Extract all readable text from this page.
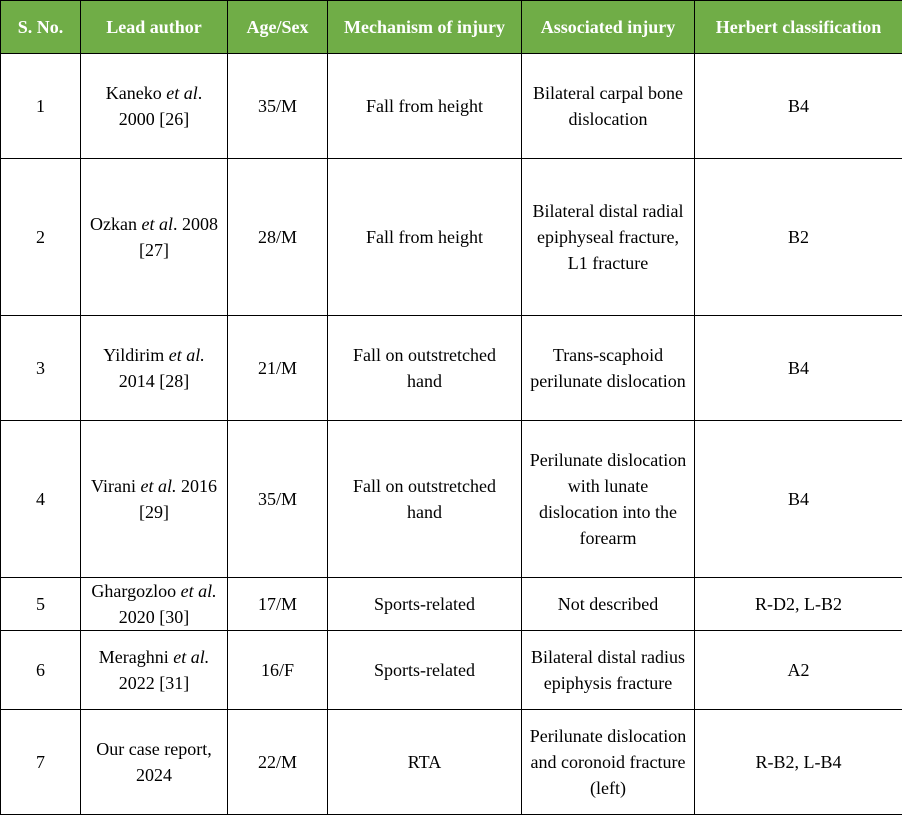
S. No.	Lead author	Age/Sex	Mechanism of injury	Associated injury	Herbert classification
1	Kaneko et al. 2000 [26]	35/M	Fall from height	Bilateral carpal bone dislocation	B4
2	Ozkan et al. 2008 [27]	28/M	Fall from height	Bilateral distal radial epiphyseal fracture, L1 fracture	B2
3	Yildirim et al. 2014 [28]	21/M	Fall on outstretched hand	Trans-scaphoid perilunate dislocation	B4
4	Virani et al. 2016 [29]	35/M	Fall on outstretched hand	Perilunate dislocation with lunate dislocation into the forearm	B4
5	Ghargozloo et al. 2020 [30]	17/M	Sports-related	Not described	R-D2, L-B2
6	Meraghni et al. 2022 [31]	16/F	Sports-related	Bilateral distal radius epiphysis fracture	A2
7	Our case report, 2024	22/M	RTA	Perilunate dislocation and coronoid fracture (left)	R-B2, L-B4
